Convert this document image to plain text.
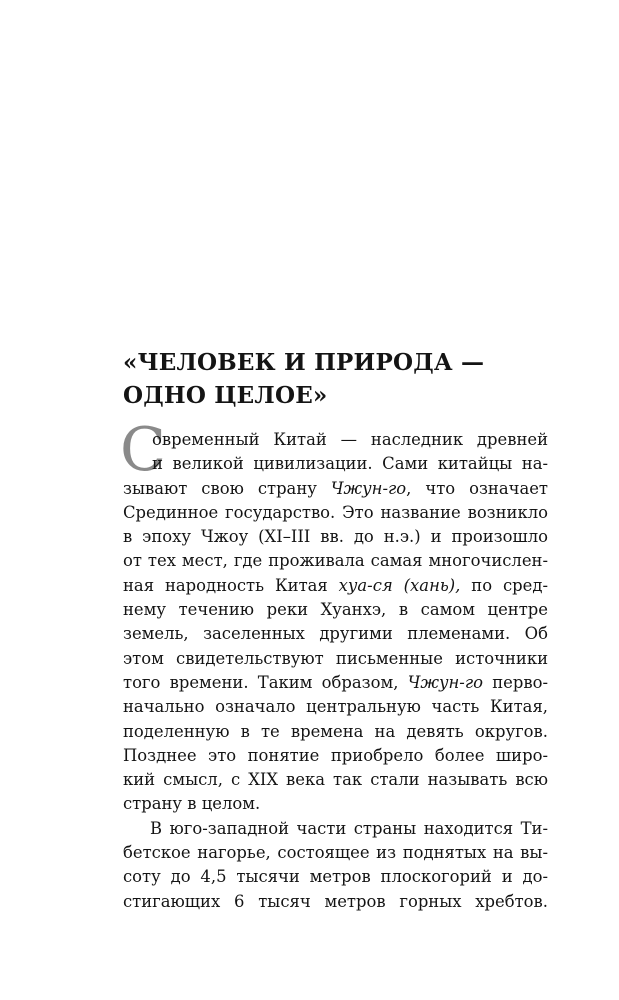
«ЧЕЛОВЕК И ПРИРОДА —
ОДНО ЦЕЛОЕ»
С
овременный Китай — наследник древней
и великой цивилизации. Сами китайцы на-
зывают свою страну Чжун-го, что означает
Срединное государство. Это название возникло
в эпоху Чжоу (XI–III вв. до н.э.) и произошло
от тех мест, где проживала самая многочислен-
ная народность Китая хуа-ся (хань), по сред-
нему течению реки Хуанхэ, в самом центре
земель, заселенных другими племенами. Об
этом свидетельствуют письменные источники
того времени. Таким образом, Чжун-го перво-
начально означало центральную часть Китая,
поделенную в те времена на девять округов.
Позднее это понятие приобрело более широ-
кий смысл, с XIX века так стали называть всю
страну в целом.
В юго-западной части страны находится Ти-
бетское нагорье, состоящее из поднятых на вы-
соту до 4,5 тысячи метров плоскогорий и до-
стигающих 6 тысяч метров горных хребтов.
